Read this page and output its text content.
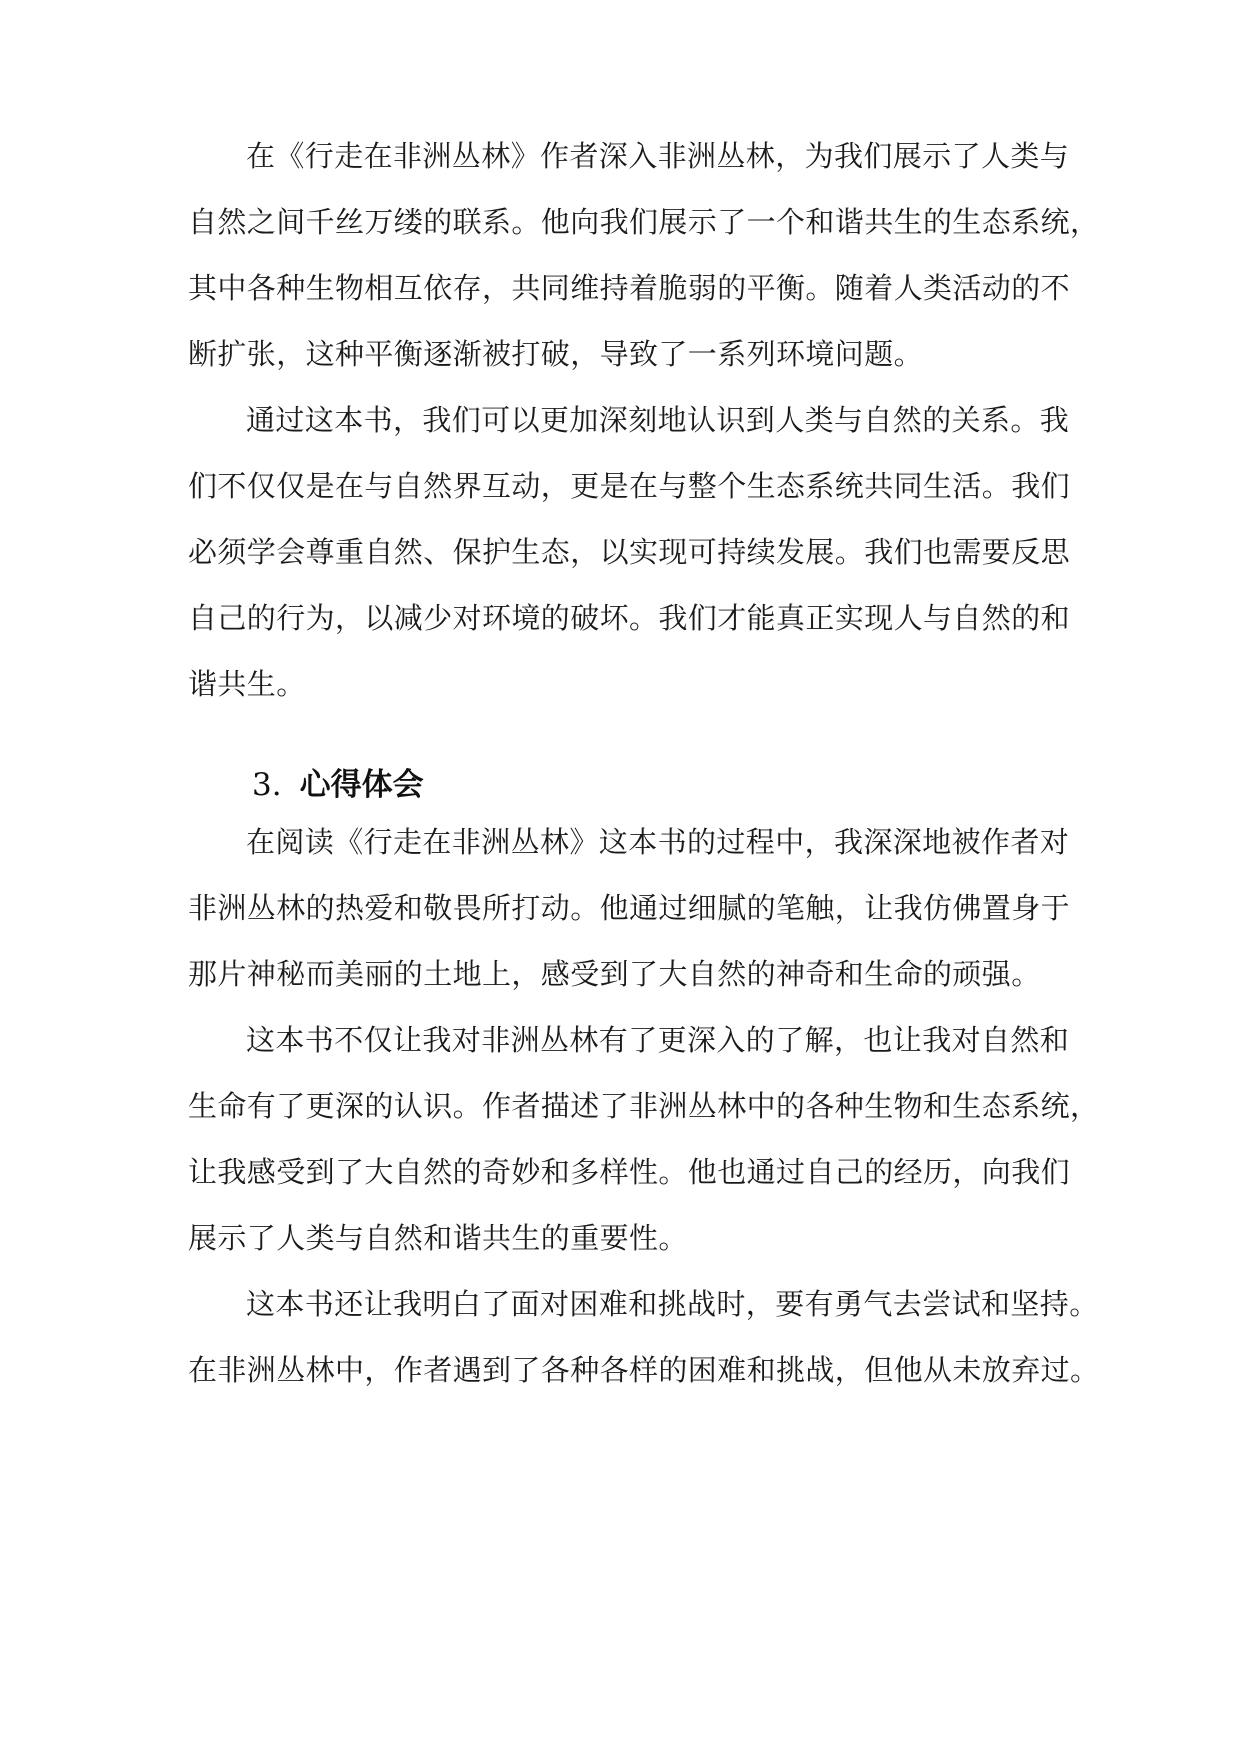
在《行走在非洲丛林》作者深入非洲丛林，为我们展示了人类与
自然之间千丝万缕的联系。他向我们展示了一个和谐共生的生态系统，
其中各种生物相互依存，共同维持着脆弱的平衡。随着人类活动的不
断扩张，这种平衡逐渐被打破，导致了一系列环境问题。
通过这本书，我们可以更加深刻地认识到人类与自然的关系。我
们不仅仅是在与自然界互动，更是在与整个生态系统共同生活。我们
必须学会尊重自然、保护生态，以实现可持续发展。我们也需要反思
自己的行为，以减少对环境的破坏。我们才能真正实现人与自然的和
谐共生。
3. 心得体会
在阅读《行走在非洲丛林》这本书的过程中，我深深地被作者对
非洲丛林的热爱和敬畏所打动。他通过细腻的笔触，让我仿佛置身于
那片神秘而美丽的土地上，感受到了大自然的神奇和生命的顽强。
这本书不仅让我对非洲丛林有了更深入的了解，也让我对自然和
生命有了更深的认识。作者描述了非洲丛林中的各种生物和生态系统，
让我感受到了大自然的奇妙和多样性。他也通过自己的经历，向我们
展示了人类与自然和谐共生的重要性。
这本书还让我明白了面对困难和挑战时，要有勇气去尝试和坚持。
在非洲丛林中，作者遇到了各种各样的困难和挑战，但他从未放弃过。
